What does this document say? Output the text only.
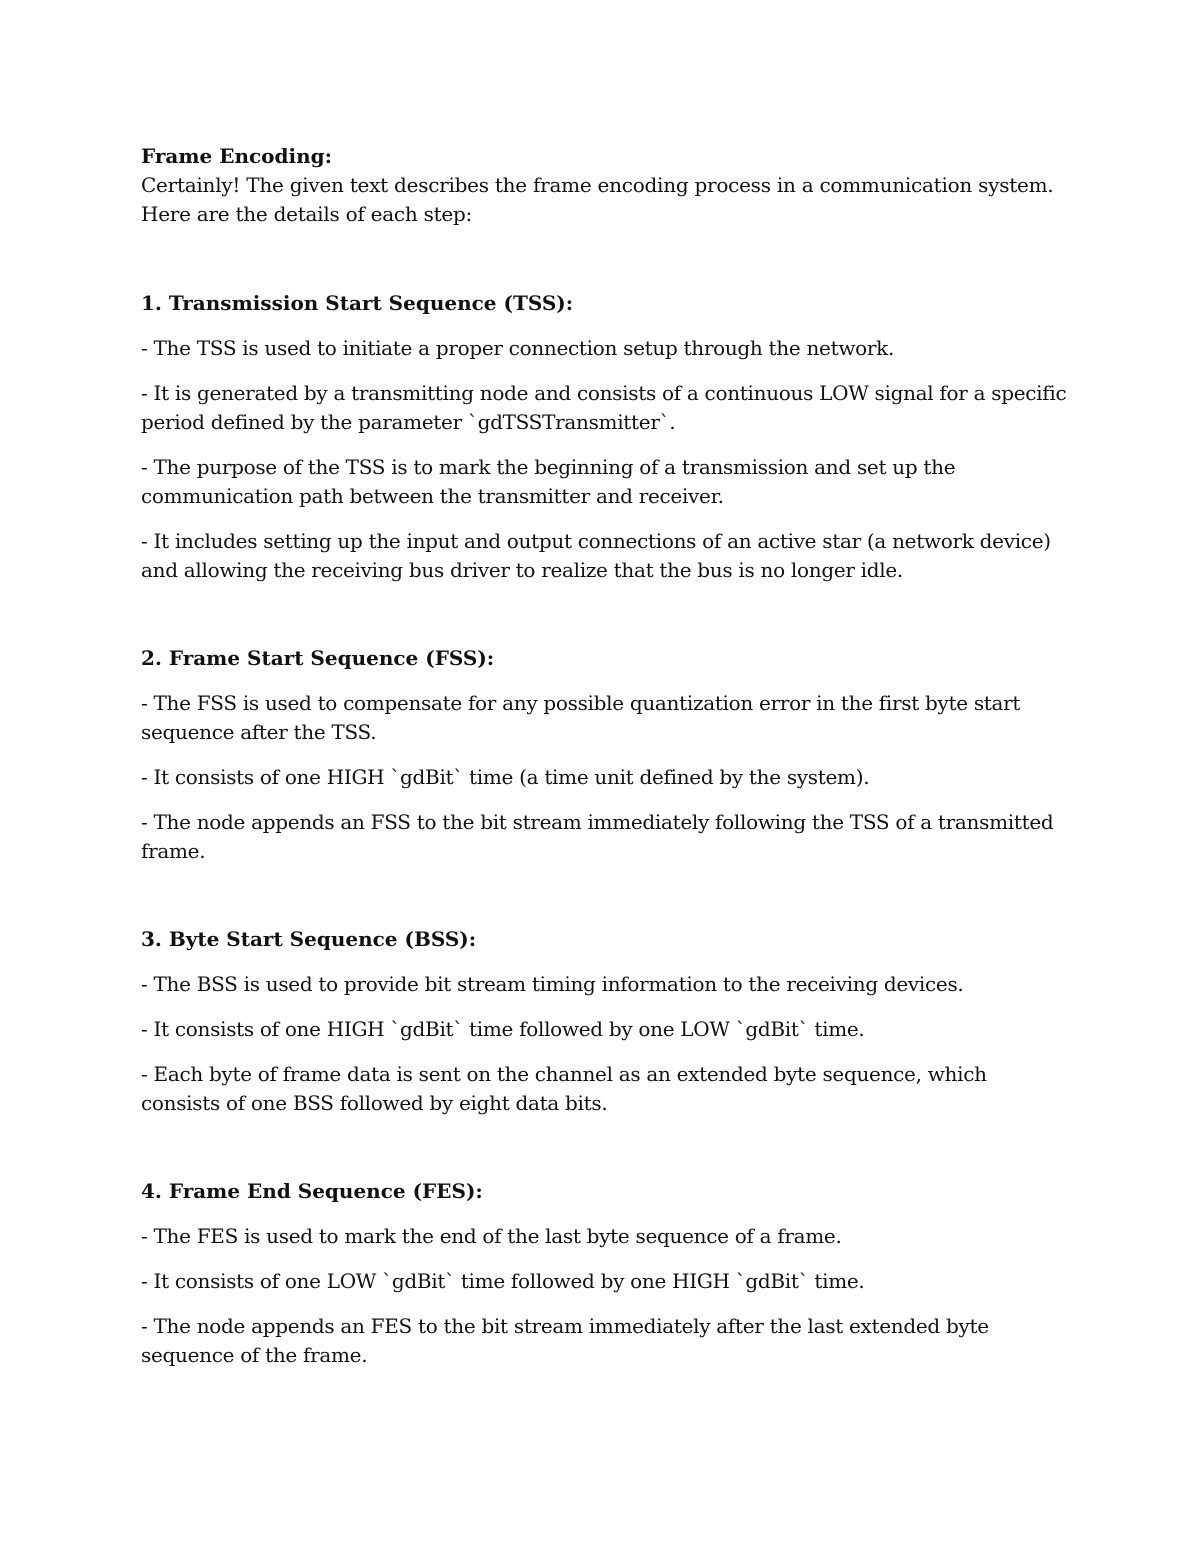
Frame Encoding:

Certainly! The given text describes the frame encoding process in a communication system. Here are the details of each step:

1. Transmission Start Sequence (TSS):

- The TSS is used to initiate a proper connection setup through the network.

- It is generated by a transmitting node and consists of a continuous LOW signal for a specific period defined by the parameter `gdTSSTransmitter`.

- The purpose of the TSS is to mark the beginning of a transmission and set up the communication path between the transmitter and receiver.

- It includes setting up the input and output connections of an active star (a network device) and allowing the receiving bus driver to realize that the bus is no longer idle.

2. Frame Start Sequence (FSS):

- The FSS is used to compensate for any possible quantization error in the first byte start sequence after the TSS.

- It consists of one HIGH `gdBit` time (a time unit defined by the system).

- The node appends an FSS to the bit stream immediately following the TSS of a transmitted frame.

3. Byte Start Sequence (BSS):

- The BSS is used to provide bit stream timing information to the receiving devices.

- It consists of one HIGH `gdBit` time followed by one LOW `gdBit` time.

- Each byte of frame data is sent on the channel as an extended byte sequence, which consists of one BSS followed by eight data bits.

4. Frame End Sequence (FES):

- The FES is used to mark the end of the last byte sequence of a frame.

- It consists of one LOW `gdBit` time followed by one HIGH `gdBit` time.

- The node appends an FES to the bit stream immediately after the last extended byte sequence of the frame.
